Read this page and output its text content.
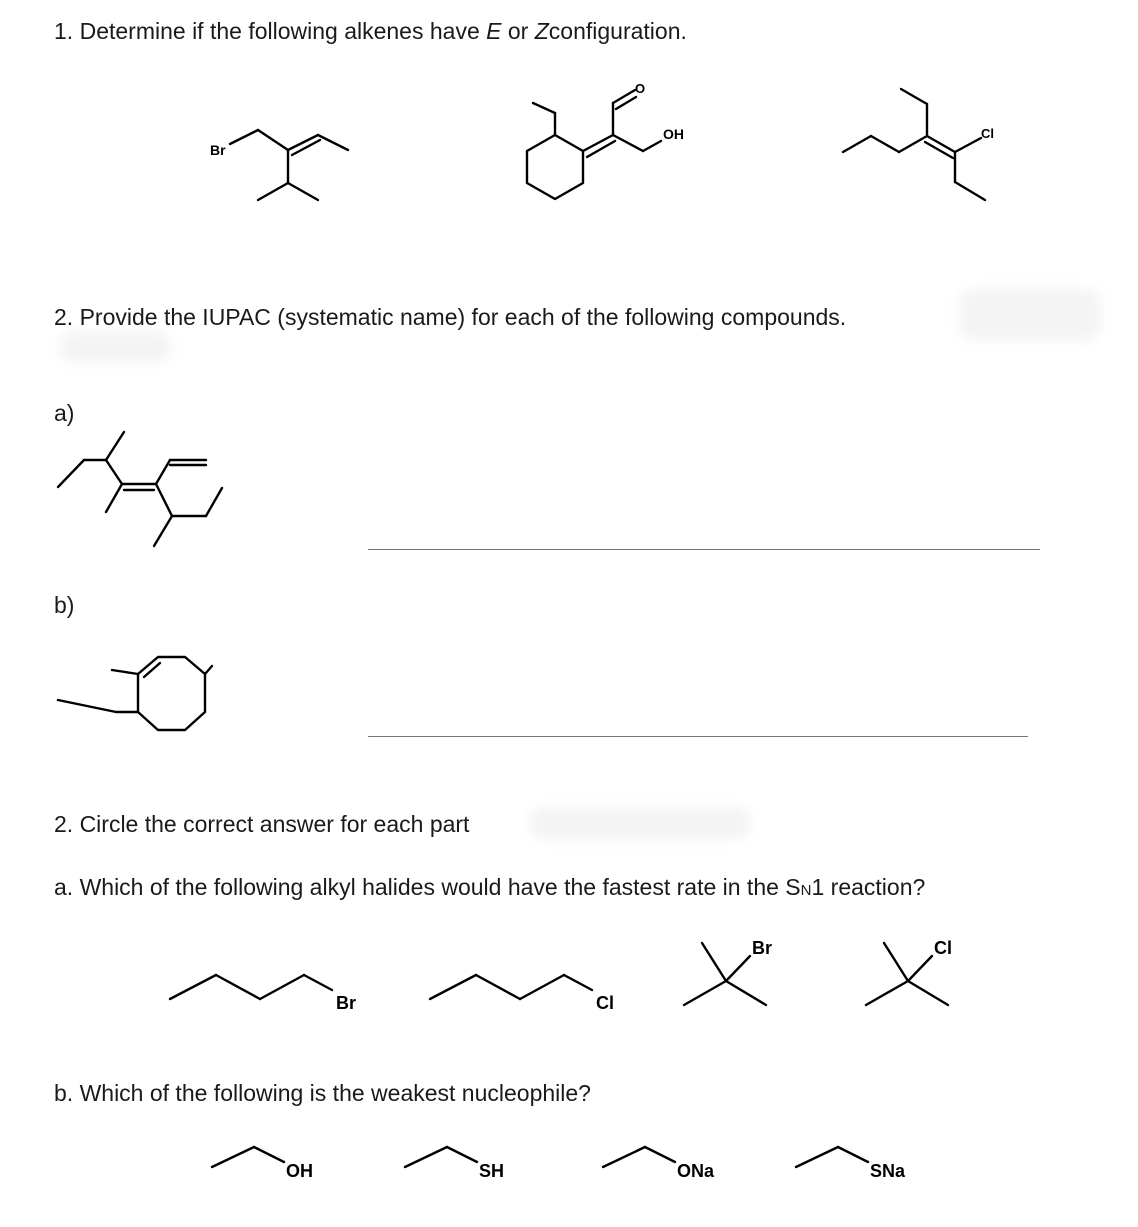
1. Determine if the following alkenes have E or Zconfiguration.
Br
O
OH	Cl
2. Provide the IUPAC (systematic name) for each of the following compounds.
a)
b)
2. Circle the correct answer for each part
a. Which of the following alkyl halides would have the fastest rate in the SN1 reaction?
Br	Cl
Br	Cl
b. Which of the following is the weakest nucleophile?
OH	SH	ONa	SNa
